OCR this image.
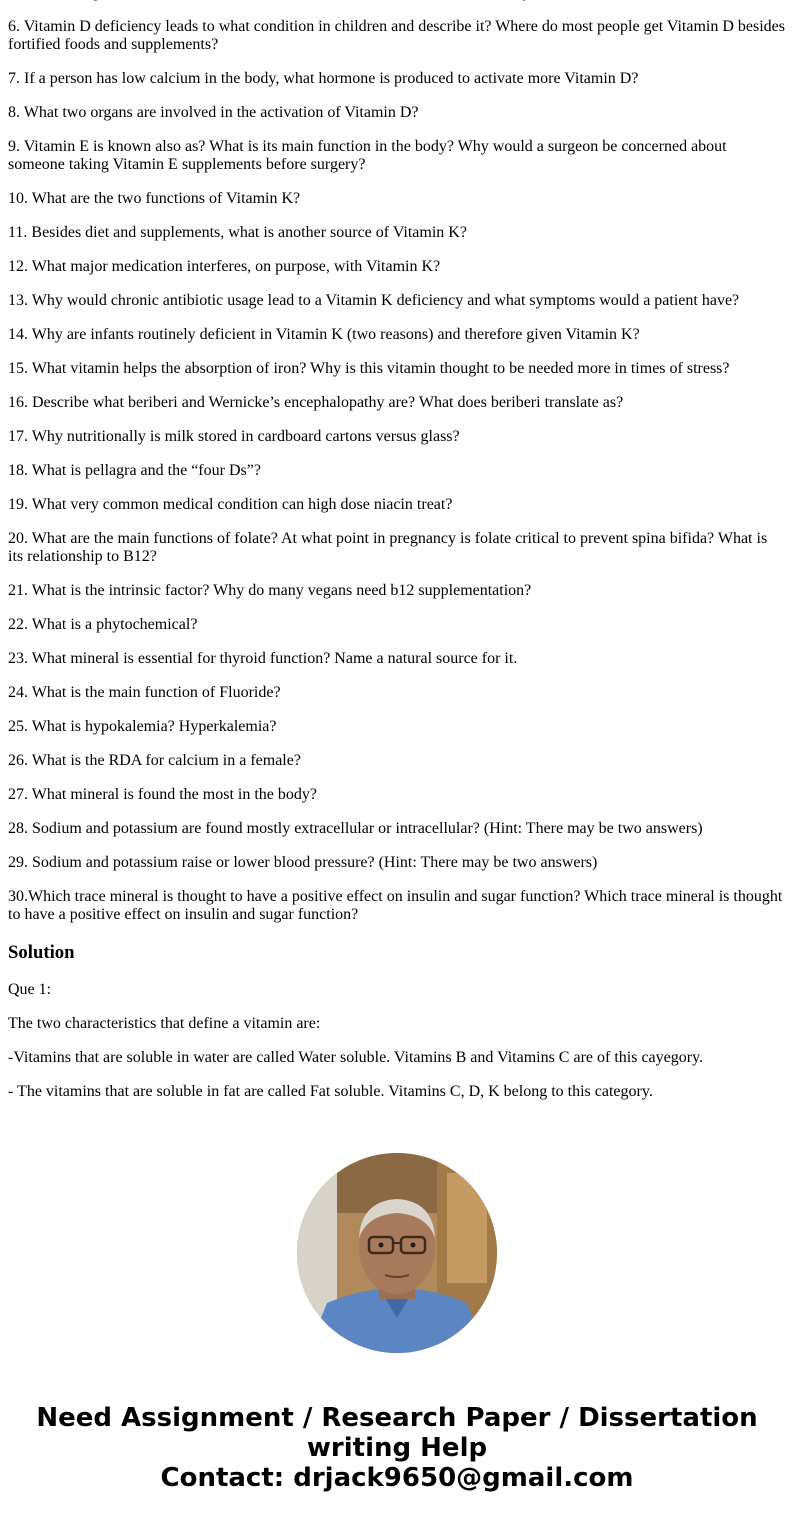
6. Vitamin D deficiency leads to what condition in children and describe it? Where do most people get Vitamin D besides fortified foods and supplements?

7. If a person has low calcium in the body, what hormone is produced to activate more Vitamin D?

8. What two organs are involved in the activation of Vitamin D?

9. Vitamin E is known also as? What is its main function in the body? Why would a surgeon be concerned about someone taking Vitamin E supplements before surgery?

10. What are the two functions of Vitamin K?

11. Besides diet and supplements, what is another source of Vitamin K?

12. What major medication interferes, on purpose, with Vitamin K?

13. Why would chronic antibiotic usage lead to a Vitamin K deficiency and what symptoms would a patient have?

14. Why are infants routinely deficient in Vitamin K (two reasons) and therefore given Vitamin K?

15. What vitamin helps the absorption of iron? Why is this vitamin thought to be needed more in times of stress?

16. Describe what beriberi and Wernicke’s encephalopathy are? What does beriberi translate as?

17. Why nutritionally is milk stored in cardboard cartons versus glass?

18. What is pellagra and the “four Ds”?

19. What very common medical condition can high dose niacin treat?

20. What are the main functions of folate? At what point in pregnancy is folate critical to prevent spina bifida? What is its relationship to B12?

21. What is the intrinsic factor? Why do many vegans need b12 supplementation?

22. What is a phytochemical?

23. What mineral is essential for thyroid function? Name a natural source for it.

24. What is the main function of Fluoride?

25. What is hypokalemia? Hyperkalemia?

26. What is the RDA for calcium in a female?

27. What mineral is found the most in the body?

28. Sodium and potassium are found mostly extracellular or intracellular? (Hint: There may be two answers)

29. Sodium and potassium raise or lower blood pressure? (Hint: There may be two answers)

30.Which trace mineral is thought to have a positive effect on insulin and sugar function? Which trace mineral is thought to have a positive effect on insulin and sugar function?

Solution

Que 1:

The two characteristics that define a vitamin are:

-Vitamins that are soluble in water are called Water soluble. Vitamins B and Vitamins C are of this cayegory.

- The vitamins that are soluble in fat are called Fat soluble. Vitamins C, D, K belong to this category.

Need Assignment / Research Paper / Dissertation writing Help
Contact: drjack9650@gmail.com
